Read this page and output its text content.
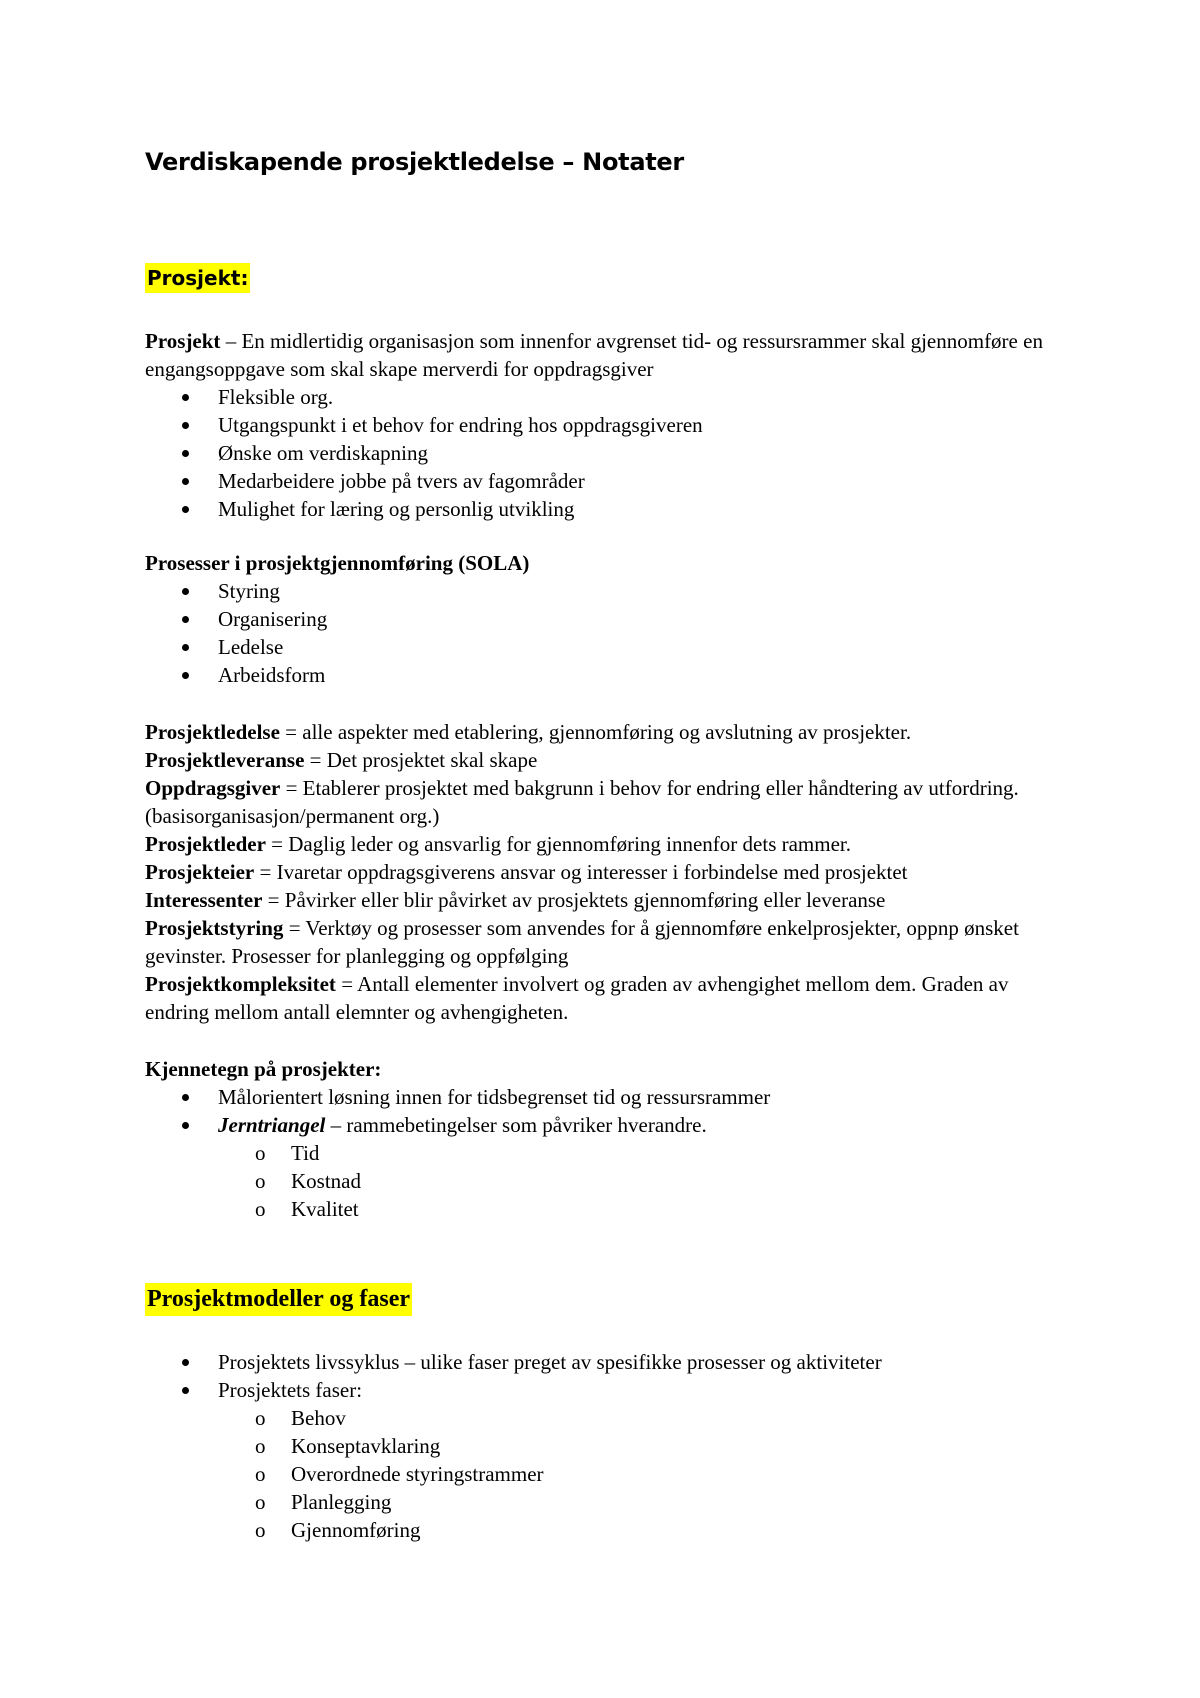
Verdiskapende prosjektledelse – Notater
Prosjekt:

Prosjekt – En midlertidig organisasjon som innenfor avgrenset tid- og ressursrammer skal gjennomføre en engangsoppgave som skal skape merverdi for oppdragsgiver

Fleksible org.
Utgangspunkt i et behov for endring hos oppdragsgiveren
Ønske om verdiskapning
Medarbeidere jobbe på tvers av fagområder
Mulighet for læring og personlig utvikling

Prosesser i prosjektgjennomføring (SOLA)

Styring
Organisering
Ledelse
Arbeidsform

Prosjektledelse = alle aspekter med etablering, gjennomføring og avslutning av prosjekter.

Prosjektleveranse = Det prosjektet skal skape

Oppdragsgiver = Etablerer prosjektet med bakgrunn i behov for endring eller håndtering av utfordring. (basisorganisasjon/permanent org.)

Prosjektleder = Daglig leder og ansvarlig for gjennomføring innenfor dets rammer.

Prosjekteier = Ivaretar oppdragsgiverens ansvar og interesser i forbindelse med prosjektet

Interessenter = Påvirker eller blir påvirket av prosjektets gjennomføring eller leveranse

Prosjektstyring = Verktøy og prosesser som anvendes for å gjennomføre enkelprosjekter, oppnp ønsket gevinster. Prosesser for planlegging og oppfølging

Prosjektkompleksitet = Antall elementer involvert og graden av avhengighet mellom dem. Graden av endring mellom antall elemnter og avhengigheten.

Kjennetegn på prosjekter:

Målorientert løsning innen for tidsbegrenset tid og ressursrammer
Jerntriangel – rammebetingelser som påvriker hverandre.
o Tid
o Kostnad
o Kvalitet
Prosjektmodeller og faser
Prosjektets livssyklus – ulike faser preget av spesifikke prosesser og aktiviteter
Prosjektets faser:
o Behov
o Konseptavklaring
o Overordnede styringstrammer
o Planlegging
o Gjennomføring
